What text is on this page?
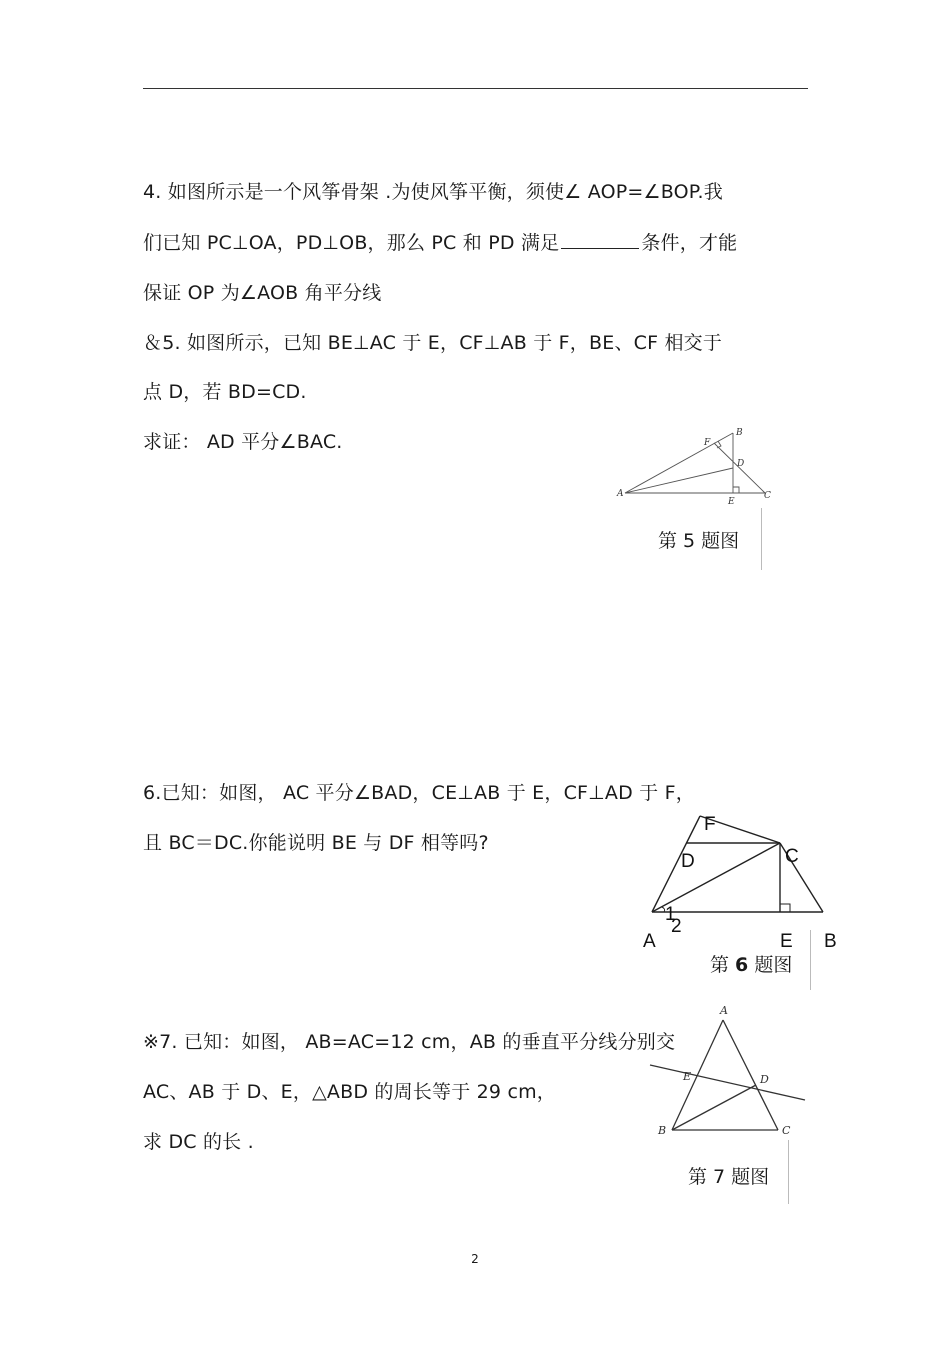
4. 如图所示是一个风筝骨架 .为使风筝平衡，须使∠ AOP=∠BOP.我
们已知 PC⊥OA，PD⊥OB，那么 PC 和 PD 满足	条件，才能
保证 OP 为∠AOB 角平分线
＆5. 如图所示，已知 BE⊥AC 于 E，CF⊥AB 于 F，BE、CF 相交于
点 D，若 BD=CD.
求证： AD 平分∠BAC.
A
B
C
D
E
F
第 5 题图
6.已知：如图， AC 平分∠BAD，CE⊥AB 于 E，CF⊥AD 于 F，
且 BC＝DC.你能说明 BE 与 DF 相等吗?
F
D	C
1
2
A	E B
第 6 题图
※7. 已知：如图， AB=AC=12 cm，AB 的垂直平分线分别交
AC、AB 于 D、E，△ABD 的周长等于 29 cm，
求 DC 的长 .
A
E	D
B	C
第 7 题图
2
